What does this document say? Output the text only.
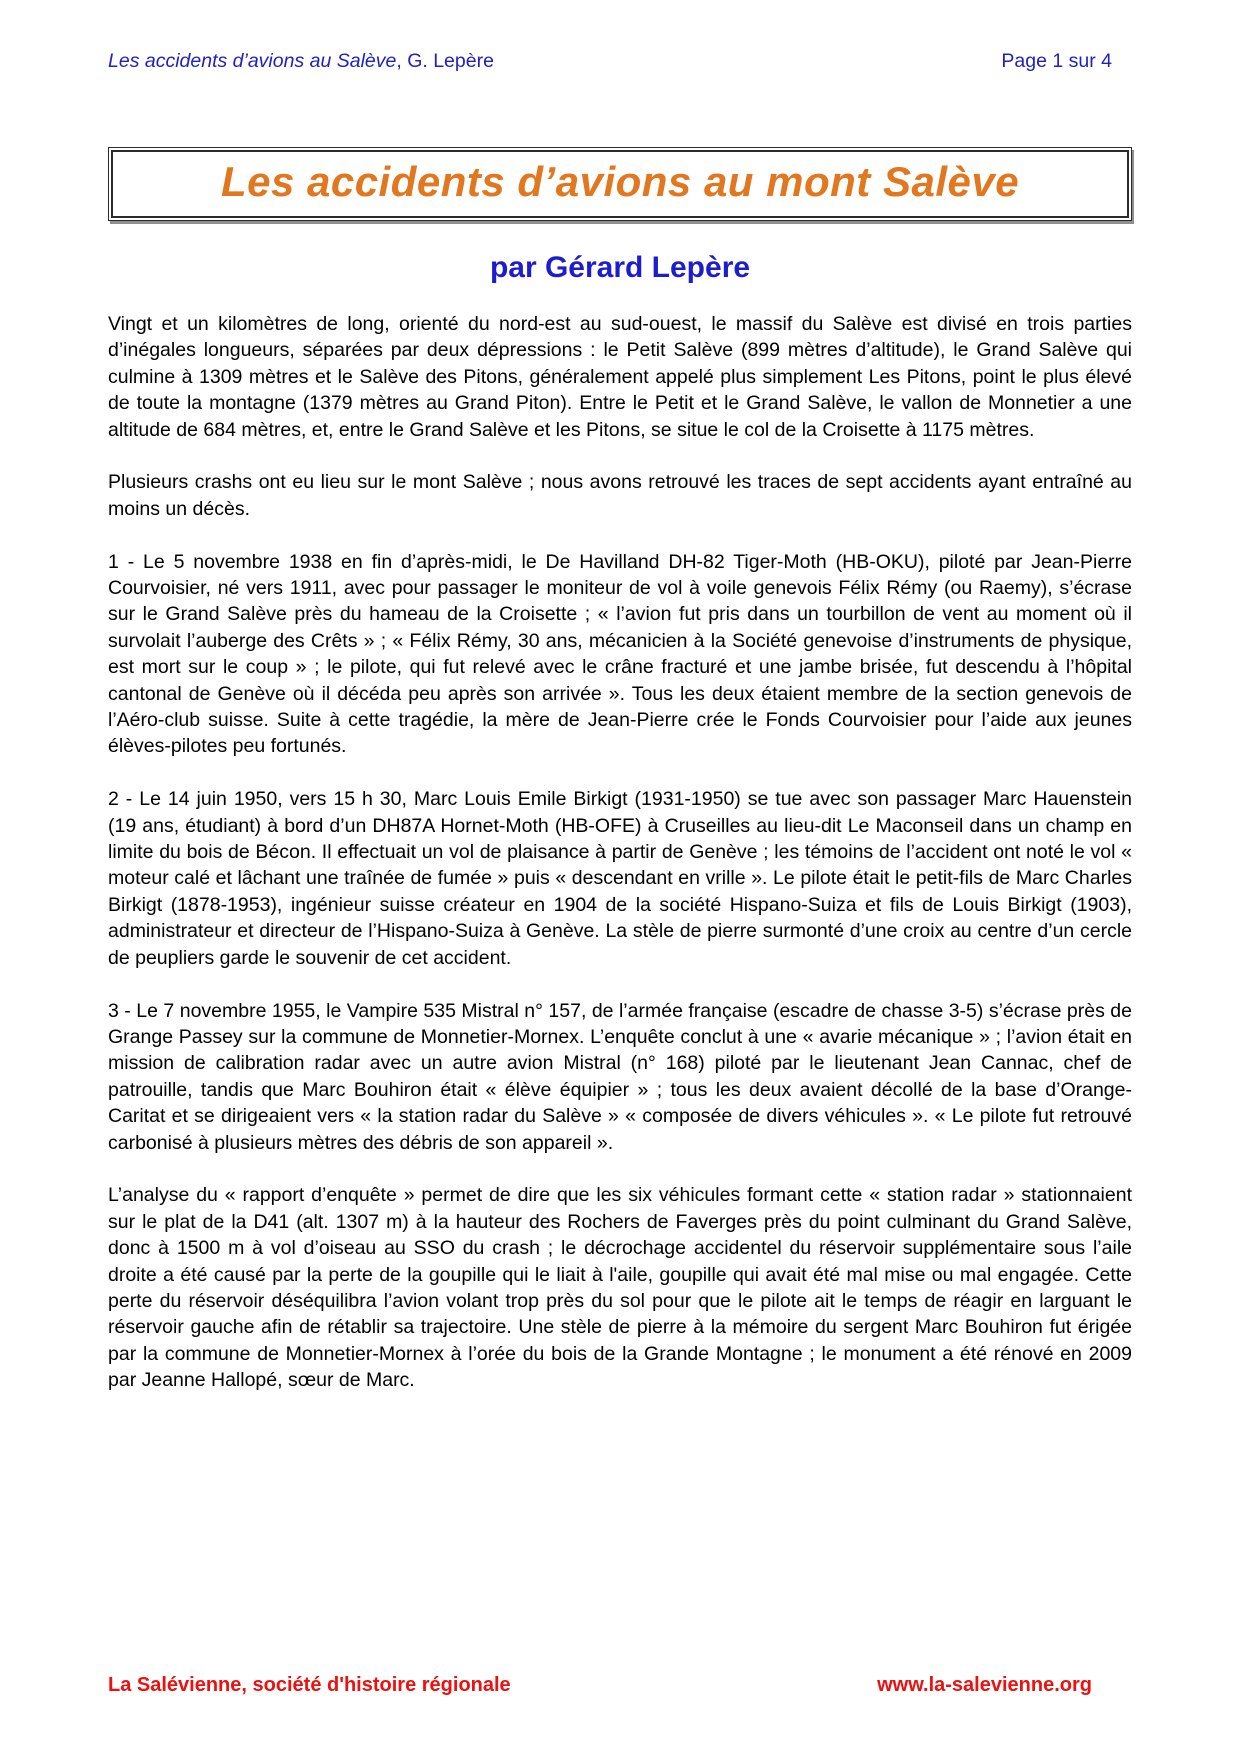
Les accidents d’avions au Salève, G. Lepère	Page 1 sur 4
Les accidents d’avions au mont Salève
par Gérard Lepère

Vingt et un kilomètres de long, orienté du nord-est au sud-ouest, le massif du Salève est divisé en trois parties d’inégales longueurs, séparées par deux dépressions : le Petit Salève (899 mètres d’altitude), le Grand Salève qui culmine à 1309 mètres et le Salève des Pitons, généralement appelé plus simplement Les Pitons, point le plus élevé de toute la montagne (1379 mètres au Grand Piton). Entre le Petit et le Grand Salève, le vallon de Monnetier a une altitude de 684 mètres, et, entre le Grand Salève et les Pitons, se situe le col de la Croisette à 1175 mètres.

Plusieurs crashs ont eu lieu sur le mont Salève ; nous avons retrouvé les traces de sept accidents ayant entraîné au moins un décès.

1 - Le 5 novembre 1938 en fin d’après-midi, le De Havilland DH-82 Tiger-Moth (HB-OKU), piloté par Jean-Pierre Courvoisier, né vers 1911, avec pour passager le moniteur de vol à voile genevois Félix Rémy (ou Raemy), s’écrase sur le Grand Salève près du hameau de la Croisette ; « l’avion fut pris dans un tourbillon de vent au moment où il survolait l’auberge des Crêts » ; « Félix Rémy, 30 ans, mécanicien à la Société genevoise d’instruments de physique, est mort sur le coup » ; le pilote, qui fut relevé avec le crâne fracturé et une jambe brisée, fut descendu à l’hôpital cantonal de Genève où il décéda peu après son arrivée ». Tous les deux étaient membre de la section genevois de l’Aéro-club suisse. Suite à cette tragédie, la mère de Jean-Pierre crée le Fonds Courvoisier pour l’aide aux jeunes élèves-pilotes peu fortunés.

2 - Le 14 juin 1950, vers 15 h 30, Marc Louis Emile Birkigt (1931-1950) se tue avec son passager Marc Hauenstein (19 ans, étudiant) à bord d’un DH87A Hornet-Moth (HB-OFE) à Cruseilles au lieu-dit Le Maconseil dans un champ en limite du bois de Bécon. Il effectuait un vol de plaisance à partir de Genève ; les témoins de l’accident ont noté le vol « moteur calé et lâchant une traînée de fumée » puis « descendant en vrille ». Le pilote était le petit-fils de Marc Charles Birkigt (1878-1953), ingénieur suisse créateur en 1904 de la société Hispano-Suiza et fils de Louis Birkigt (1903), administrateur et directeur de l’Hispano-Suiza à Genève. La stèle de pierre surmonté d’une croix au centre d’un cercle de peupliers garde le souvenir de cet accident.

3 - Le 7 novembre 1955, le Vampire 535 Mistral n° 157, de l’armée française (escadre de chasse 3-5) s’écrase près de Grange Passey sur la commune de Monnetier-Mornex. L’enquête conclut à une « avarie mécanique » ; l’avion était en mission de calibration radar avec un autre avion Mistral (n° 168) piloté par le lieutenant Jean Cannac, chef de patrouille, tandis que Marc Bouhiron était « élève équipier » ; tous les deux avaient décollé de la base d’Orange-Caritat et se dirigeaient vers « la station radar du Salève » « composée de divers véhicules ». « Le pilote fut retrouvé carbonisé à plusieurs mètres des débris de son appareil ».

L’analyse du « rapport d’enquête » permet de dire que les six véhicules formant cette « station radar » stationnaient sur le plat de la D41 (alt. 1307 m) à la hauteur des Rochers de Faverges près du point culminant du Grand Salève, donc à 1500 m à vol d’oiseau au SSO du crash ; le décrochage accidentel du réservoir supplémentaire sous l’aile droite a été causé par la perte de la goupille qui le liait à l'aile, goupille qui avait été mal mise ou mal engagée. Cette perte du réservoir déséquilibra l’avion volant trop près du sol pour que le pilote ait le temps de réagir en larguant le réservoir gauche afin de rétablir sa trajectoire. Une stèle de pierre à la mémoire du sergent Marc Bouhiron fut érigée par la commune de Monnetier-Mornex à l’orée du bois de la Grande Montagne ; le monument a été rénové en 2009 par Jeanne Hallopé, sœur de Marc.

La Salévienne, société d'histoire régionale	www.la-salevienne.org
